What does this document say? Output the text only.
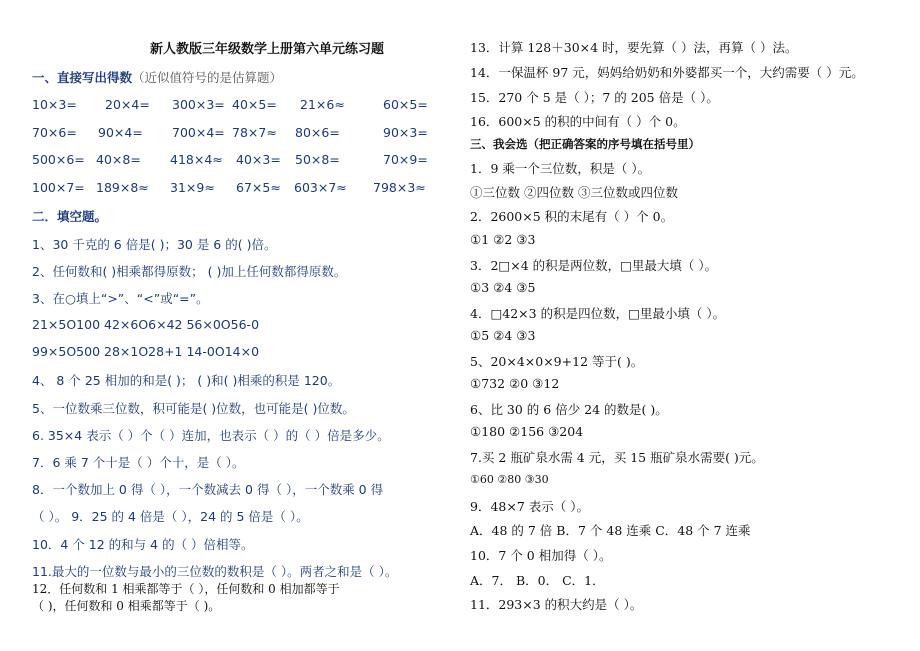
新人教版三年级数学上册第六单元练习题
一、直接写出得数（近似值符号的是估算题）
10×3= 20×4= 300×3= 40×5= 21×6≈	60×5=
70×6= 90×4= 700×4= 78×7≈ 80×6=	90×3=
500×6= 40×8= 418×4≈ 40×3= 50×8=	70×9=
100×7= 189×8≈ 31×9≈ 67×5≈ 603×7≈ 798×3≈
二．填空题。
1、30 千克的 6 倍是( )；30 是 6 的( )倍。
2、任何数和( )相乘都得原数； ( )加上任何数都得原数。
3、在○填上“>”、“<”或“=”。
21×5O100 42×6O6×42 56×0O56-0
99×5O500 28×1O28+1 14-0O14×0
4、 8 个 25 相加的和是( )； ( )和( )相乘的积是 120。
5、一位数乘三位数，积可能是( )位数，也可能是( )位数。
6. 35×4 表示（ ）个（ ）连加，也表示（ ）的（ ）倍是多少。
7．6 乘 7 个十是（ ）个十，是（ ）。
8．一个数加上 0 得（ ），一个数减去 0 得（ ），一个数乘 0 得
（ ）。 9．25 的 4 倍是（ ），24 的 5 倍是（ ）。
10．4 个 12 的和与 4 的（ ）倍相等。
11.最大的一位数与最小的三位数的数积是（ ）。两者之和是（ ）。
12．任何数和 1 相乘都等于（ ），任何数和 0 相加都等于
（ )，任何数和 0 相乘都等于（ )。
13．计算 128＋30×4 时，要先算（ ）法，再算（ ）法。
14．一保温杯 97 元，妈妈给奶奶和外婆都买一个，大约需要（ ）元。
15．270 个 5 是（ ）；7 的 205 倍是（ ）。
16．600×5 的积的中间有（ ）个 0。
三、我会选（把正确答案的序号填在括号里）
1．9 乘一个三位数，积是（ ）。
①三位数 ②四位数 ③三位数或四位数
2．2600×5 积的末尾有（ ）个 0。
①1 ②2 ③3
3．2□×4 的积是两位数，□里最大填（ ）。
①3 ②4 ③5
4．□42×3 的积是四位数，□里最小填（ ）。
①5 ②4 ③3
5、20×4×0×9+12 等于( )。
①732 ②0 ③12
6、比 30 的 6 倍少 24 的数是( )。
①180 ②156 ③204
7.买 2 瓶矿泉水需 4 元，买 15 瓶矿泉水需要( )元。
①60 ②80 ③30
9．48×7 表示（ ）。
A．48 的 7 倍 B．7 个 48 连乘 C．48 个 7 连乘
10．7 个 0 相加得（ ）。
A．7． B．0． C．1．
11．293×3 的积大约是（ ）。
